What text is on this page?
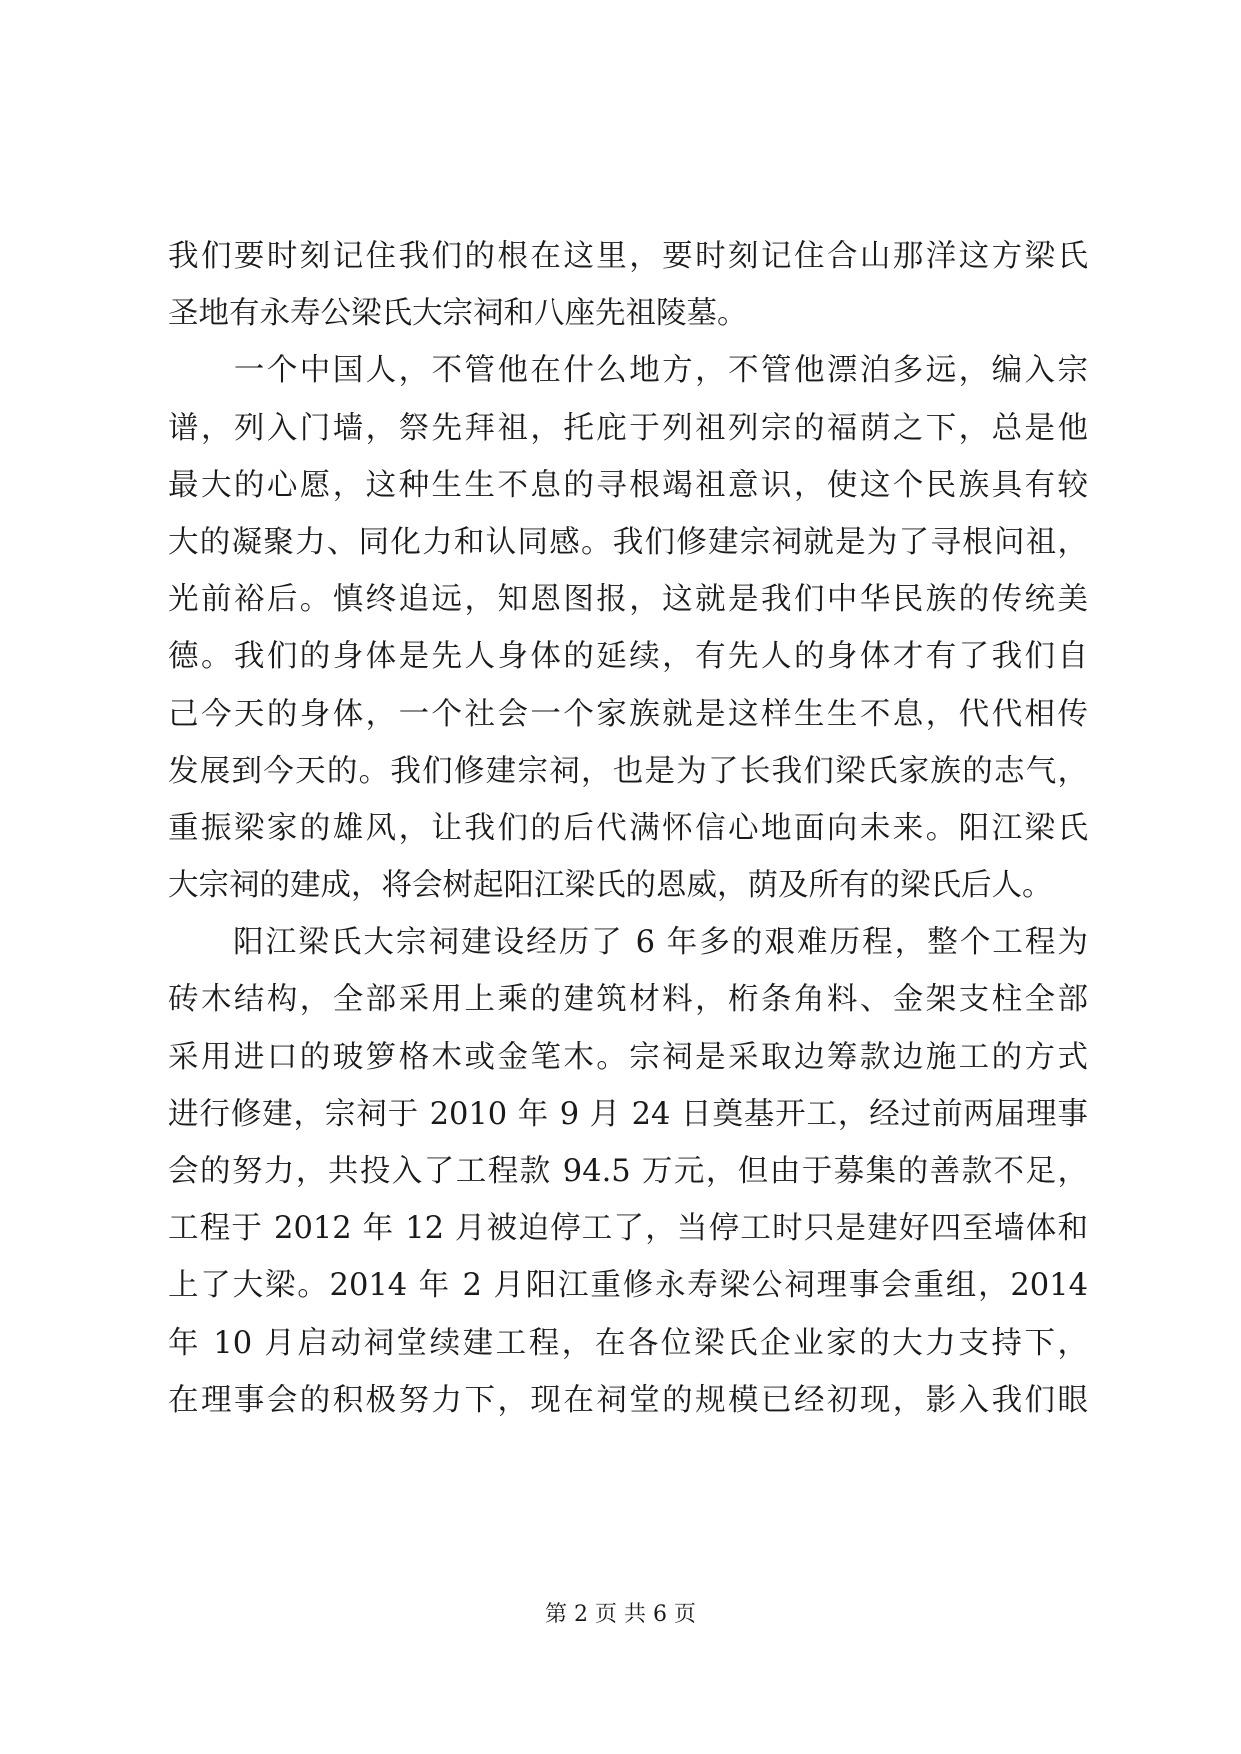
我们要时刻记住我们的根在这里，要时刻记住合山那洋这方梁氏
圣地有永寿公梁氏大宗祠和八座先祖陵墓。
　　一个中国人，不管他在什么地方，不管他漂泊多远，编入宗
谱，列入门墙，祭先拜祖，托庇于列祖列宗的福荫之下，总是他
最大的心愿，这种生生不息的寻根竭祖意识，使这个民族具有较
大的凝聚力、同化力和认同感。我们修建宗祠就是为了寻根问祖，
光前裕后。慎终追远，知恩图报，这就是我们中华民族的传统美
德。我们的身体是先人身体的延续，有先人的身体才有了我们自
己今天的身体，一个社会一个家族就是这样生生不息，代代相传
发展到今天的。我们修建宗祠，也是为了长我们梁氏家族的志气，
重振梁家的雄风，让我们的后代满怀信心地面向未来。阳江梁氏
大宗祠的建成，将会树起阳江梁氏的恩威，荫及所有的梁氏后人。
　　阳江梁氏大宗祠建设经历了 6 年多的艰难历程，整个工程为
砖木结构，全部采用上乘的建筑材料，桁条角料、金架支柱全部
采用进口的玻箩格木或金笔木。宗祠是采取边筹款边施工的方式
进行修建，宗祠于 2010 年 9 月 24 日奠基开工，经过前两届理事
会的努力，共投入了工程款 94.5 万元，但由于募集的善款不足，
工程于 2012 年 12 月被迫停工了，当停工时只是建好四至墙体和
上了大梁。2014 年 2 月阳江重修永寿梁公祠理事会重组，2014
年 10 月启动祠堂续建工程，在各位梁氏企业家的大力支持下，
在理事会的积极努力下，现在祠堂的规模已经初现，影入我们眼
第 2 页 共 6 页
